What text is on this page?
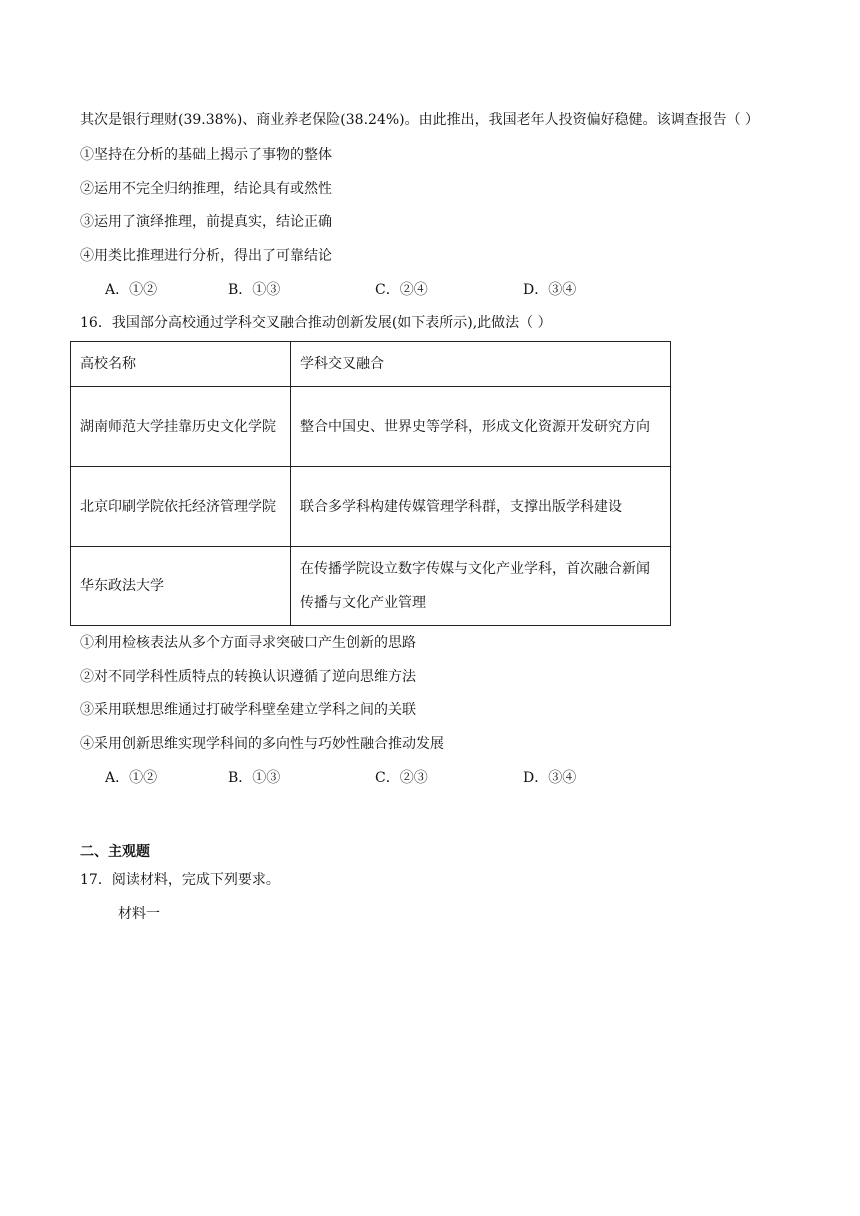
其次是银行理财(39.38%)、商业养老保险(38.24%)。由此推出，我国老年人投资偏好稳健。该调查报告（ ）
①坚持在分析的基础上揭示了事物的整体
②运用不完全归纳推理，结论具有或然性
③运用了演绎推理，前提真实，结论正确
④用类比推理进行分析，得出了可靠结论
A．①②	B．①③	C．②④	D．③④
16．我国部分高校通过学科交叉融合推动创新发展(如下表所示),此做法（ ）
高校名称	学科交叉融合
湖南师范大学挂靠历史文化学院	整合中国史、世界史等学科，形成文化资源开发研究方向
北京印刷学院依托经济管理学院	联合多学科构建传媒管理学科群，支撑出版学科建设
华东政法大学	在传播学院设立数字传媒与文化产业学科，首次融合新闻传播与文化产业管理
①利用检核表法从多个方面寻求突破口产生创新的思路
②对不同学科性质特点的转换认识遵循了逆向思维方法
③采用联想思维通过打破学科壁垒建立学科之间的关联
④采用创新思维实现学科间的多向性与巧妙性融合推动发展
A．①②	B．①③	C．②③	D．③④
二、主观题
17．阅读材料，完成下列要求。
材料一
